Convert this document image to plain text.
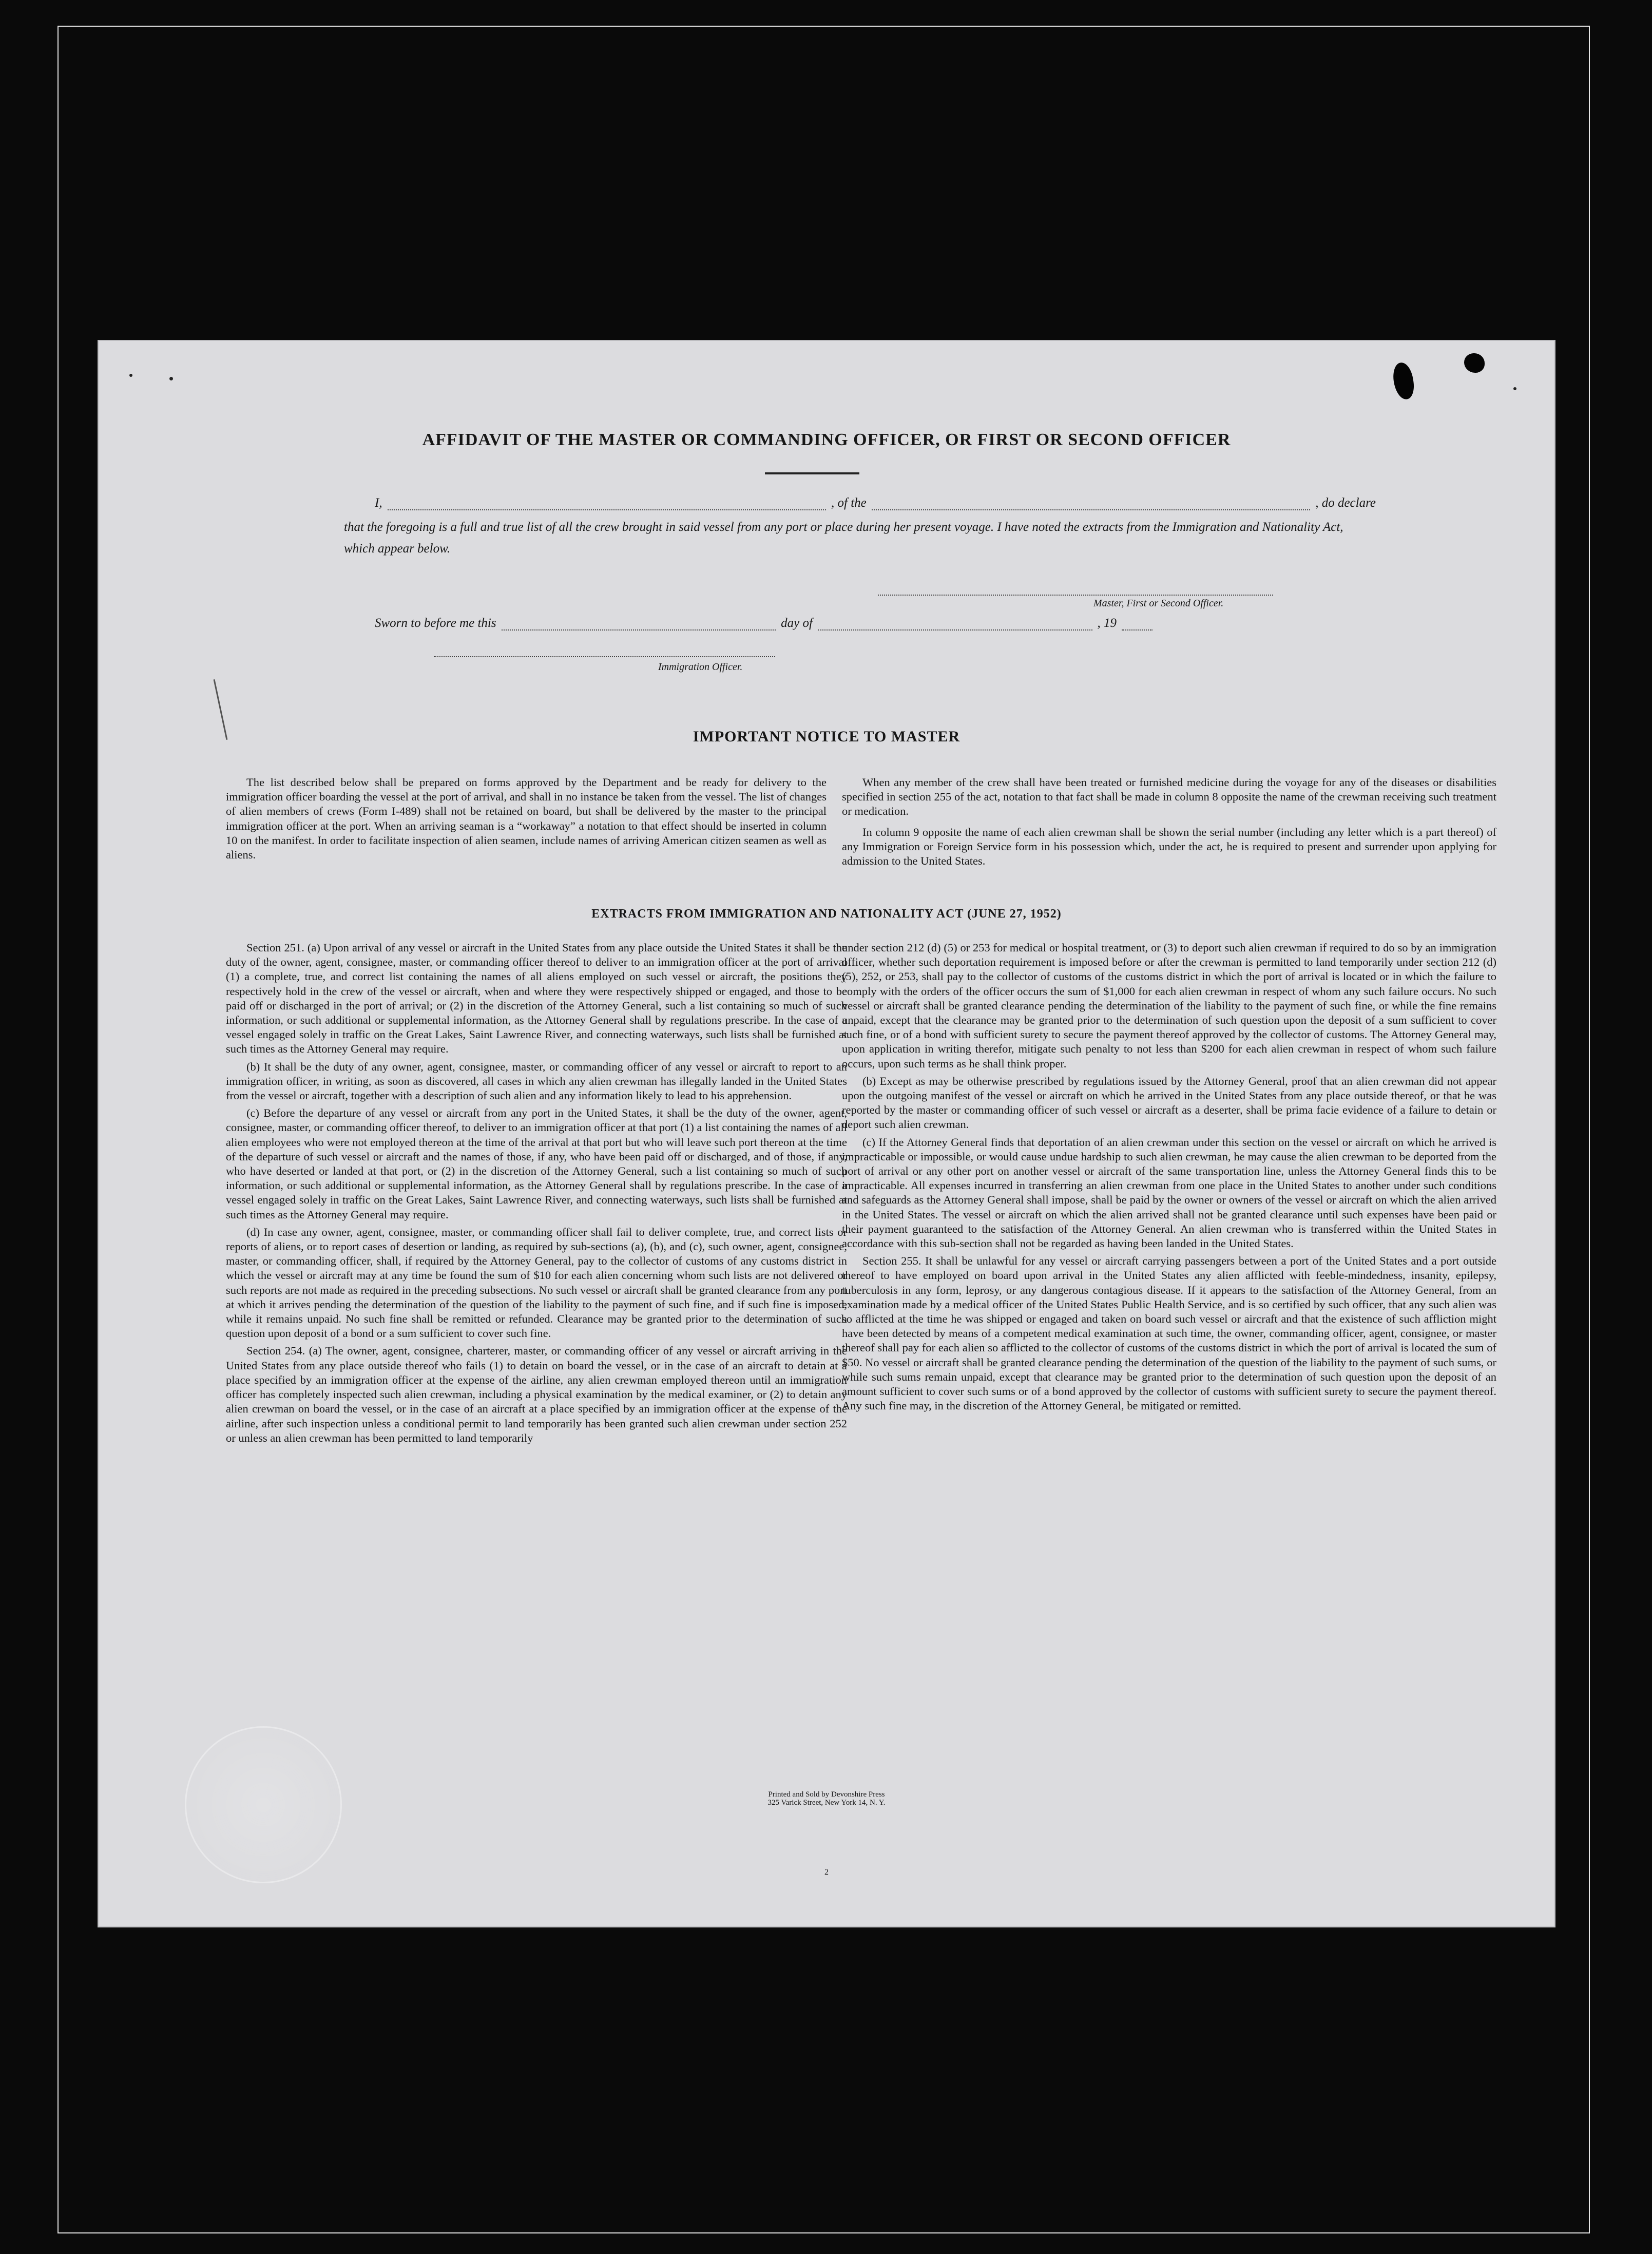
AFFIDAVIT OF THE MASTER OR COMMANDING OFFICER, OR FIRST OR SECOND OFFICER
I,	, of the	, do declare
that the foregoing is a full and true list of all the crew brought in said vessel from any port or place during her present voyage. I have noted the extracts from the Immigration and Nationality Act, which appear below.
Master, First or Second Officer.
Sworn to before me this	day of	, 19
Immigration Officer.
IMPORTANT NOTICE TO MASTER

The list described below shall be prepared on forms approved by the Department and be ready for delivery to the immigration officer boarding the vessel at the port of arrival, and shall in no instance be taken from the vessel. The list of changes of alien members of crews (Form I-489) shall not be retained on board, but shall be delivered by the master to the principal immigration officer at the port. When an arriving seaman is a “workaway” a notation to that effect should be inserted in column 10 on the manifest. In order to facilitate inspection of alien seamen, include names of arriving American citizen seamen as well as aliens.

When any member of the crew shall have been treated or furnished medicine during the voyage for any of the diseases or disabilities specified in section 255 of the act, notation to that fact shall be made in column 8 opposite the name of the crewman receiving such treatment or medication.

In column 9 opposite the name of each alien crewman shall be shown the serial number (including any letter which is a part thereof) of any Immigration or Foreign Service form in his possession which, under the act, he is required to present and surrender upon applying for admission to the United States.

EXTRACTS FROM IMMIGRATION AND NATIONALITY ACT (JUNE 27, 1952)

Section 251. (a) Upon arrival of any vessel or aircraft in the United States from any place outside the United States it shall be the duty of the owner, agent, consignee, master, or commanding officer thereof to deliver to an immigration officer at the port of arrival (1) a complete, true, and correct list containing the names of all aliens employed on such vessel or aircraft, the positions they respectively hold in the crew of the vessel or aircraft, when and where they were respectively shipped or engaged, and those to be paid off or discharged in the port of arrival; or (2) in the discretion of the Attorney General, such a list containing so much of such information, or such additional or supplemental information, as the Attorney General shall by regulations prescribe. In the case of a vessel engaged solely in traffic on the Great Lakes, Saint Lawrence River, and connecting waterways, such lists shall be furnished at such times as the Attorney General may require.

(b) It shall be the duty of any owner, agent, consignee, master, or commanding officer of any vessel or aircraft to report to an immigration officer, in writing, as soon as discovered, all cases in which any alien crewman has illegally landed in the United States from the vessel or aircraft, together with a description of such alien and any information likely to lead to his apprehension.

(c) Before the departure of any vessel or aircraft from any port in the United States, it shall be the duty of the owner, agent, consignee, master, or commanding officer thereof, to deliver to an immigration officer at that port (1) a list containing the names of all alien employees who were not employed thereon at the time of the arrival at that port but who will leave such port thereon at the time of the departure of such vessel or aircraft and the names of those, if any, who have been paid off or discharged, and of those, if any, who have deserted or landed at that port, or (2) in the discretion of the Attorney General, such a list containing so much of such information, or such additional or supplemental information, as the Attorney General shall by regulations prescribe. In the case of a vessel engaged solely in traffic on the Great Lakes, Saint Lawrence River, and connecting waterways, such lists shall be furnished at such times as the Attorney General may require.

(d) In case any owner, agent, consignee, master, or commanding officer shall fail to deliver complete, true, and correct lists or reports of aliens, or to report cases of desertion or landing, as required by sub-sections (a), (b), and (c), such owner, agent, consignee, master, or commanding officer, shall, if required by the Attorney General, pay to the collector of customs of any customs district in which the vessel or aircraft may at any time be found the sum of $10 for each alien concerning whom such lists are not delivered or such reports are not made as required in the preceding subsections. No such vessel or aircraft shall be granted clearance from any port at which it arrives pending the determination of the question of the liability to the payment of such fine, and if such fine is imposed, while it remains unpaid. No such fine shall be remitted or refunded. Clearance may be granted prior to the determination of such question upon deposit of a bond or a sum sufficient to cover such fine.

Section 254. (a) The owner, agent, consignee, charterer, master, or commanding officer of any vessel or aircraft arriving in the United States from any place outside thereof who fails (1) to detain on board the vessel, or in the case of an aircraft to detain at a place specified by an immigration officer at the expense of the airline, any alien crewman employed thereon until an immigration officer has completely inspected such alien crewman, including a physical examination by the medical examiner, or (2) to detain any alien crewman on board the vessel, or in the case of an aircraft at a place specified by an immigration officer at the expense of the airline, after such inspection unless a conditional permit to land temporarily has been granted such alien crewman under section 252 or unless an alien crewman has been permitted to land temporarily

under section 212 (d) (5) or 253 for medical or hospital treatment, or (3) to deport such alien crewman if required to do so by an immigration officer, whether such deportation requirement is imposed before or after the crewman is permitted to land temporarily under section 212 (d) (5), 252, or 253, shall pay to the collector of customs of the customs district in which the port of arrival is located or in which the failure to comply with the orders of the officer occurs the sum of $1,000 for each alien crewman in respect of whom any such failure occurs. No such vessel or aircraft shall be granted clearance pending the determination of the liability to the payment of such fine, or while the fine remains unpaid, except that the clearance may be granted prior to the determination of such question upon the deposit of a sum sufficient to cover such fine, or of a bond with sufficient surety to secure the payment thereof approved by the collector of customs. The Attorney General may, upon application in writing therefor, mitigate such penalty to not less than $200 for each alien crewman in respect of whom such failure occurs, upon such terms as he shall think proper.

(b) Except as may be otherwise prescribed by regulations issued by the Attorney General, proof that an alien crewman did not appear upon the outgoing manifest of the vessel or aircraft on which he arrived in the United States from any place outside thereof, or that he was reported by the master or commanding officer of such vessel or aircraft as a deserter, shall be prima facie evidence of a failure to detain or deport such alien crewman.

(c) If the Attorney General finds that deportation of an alien crewman under this section on the vessel or aircraft on which he arrived is impracticable or impossible, or would cause undue hardship to such alien crewman, he may cause the alien crewman to be deported from the port of arrival or any other port on another vessel or aircraft of the same transportation line, unless the Attorney General finds this to be impracticable. All expenses incurred in transferring an alien crewman from one place in the United States to another under such conditions and safeguards as the Attorney General shall impose, shall be paid by the owner or owners of the vessel or aircraft on which the alien arrived in the United States. The vessel or aircraft on which the alien arrived shall not be granted clearance until such expenses have been paid or their payment guaranteed to the satisfaction of the Attorney General. An alien crewman who is transferred within the United States in accordance with this sub-section shall not be regarded as having been landed in the United States.

Section 255. It shall be unlawful for any vessel or aircraft carrying passengers between a port of the United States and a port outside thereof to have employed on board upon arrival in the United States any alien afflicted with feeble-mindedness, insanity, epilepsy, tuberculosis in any form, leprosy, or any dangerous contagious disease. If it appears to the satisfaction of the Attorney General, from an examination made by a medical officer of the United States Public Health Service, and is so certified by such officer, that any such alien was so afflicted at the time he was shipped or engaged and taken on board such vessel or aircraft and that the existence of such affliction might have been detected by means of a competent medical examination at such time, the owner, commanding officer, agent, consignee, or master thereof shall pay for each alien so afflicted to the collector of customs of the customs district in which the port of arrival is located the sum of $50. No vessel or aircraft shall be granted clearance pending the determination of the question of the liability to the payment of such sums, or while such sums remain unpaid, except that clearance may be granted prior to the determination of such question upon the deposit of an amount sufficient to cover such sums or of a bond approved by the collector of customs with sufficient surety to secure the payment thereof. Any such fine may, in the discretion of the Attorney General, be mitigated or remitted.

Printed and Sold by Devonshire Press
325 Varick Street, New York 14, N. Y.
2
